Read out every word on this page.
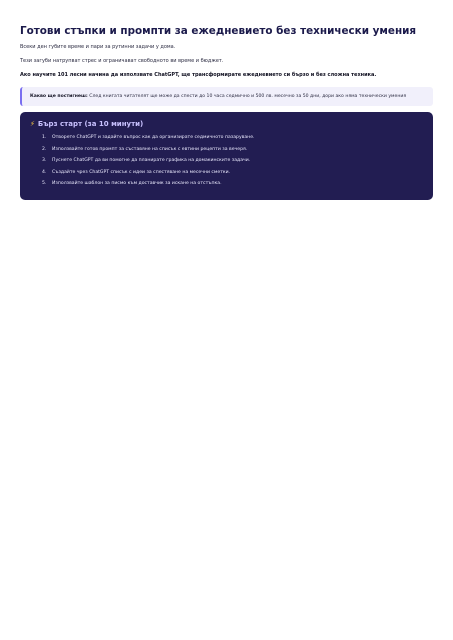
Готови стъпки и промпти за ежедневието без технически умения

Всеки ден губите време и пари за рутинни задачи у дома.

Тези загуби натрупват стрес и ограничават свободното ви време и бюджет.

Ако научите 101 лесни начина да използвате ChatGPT, ще трансформирате ежедневието си бързо и без сложна техника.

Какво ще постигнеш: След книгата читателят ще може да спести до 10 часа седмично и 500 лв. месечно за 50 дни, дори ако няма технически умения
⚡ Бърз старт (за 10 минути)
1.	Отворете ChatGPT и задайте въпрос как да организирате седмичното пазаруване.
2.	Използвайте готов промпт за съставяне на списък с евтини рецепти за вечеря.
3.	Пуснете ChatGPT да ви помогне да планирате графика на домакинските задачи.
4.	Създайте чрез ChatGPT списък с идеи за спестяване на месечни сметки.
5.	Използвайте шаблон за писмо към доставчик за искане на отстъпка.
